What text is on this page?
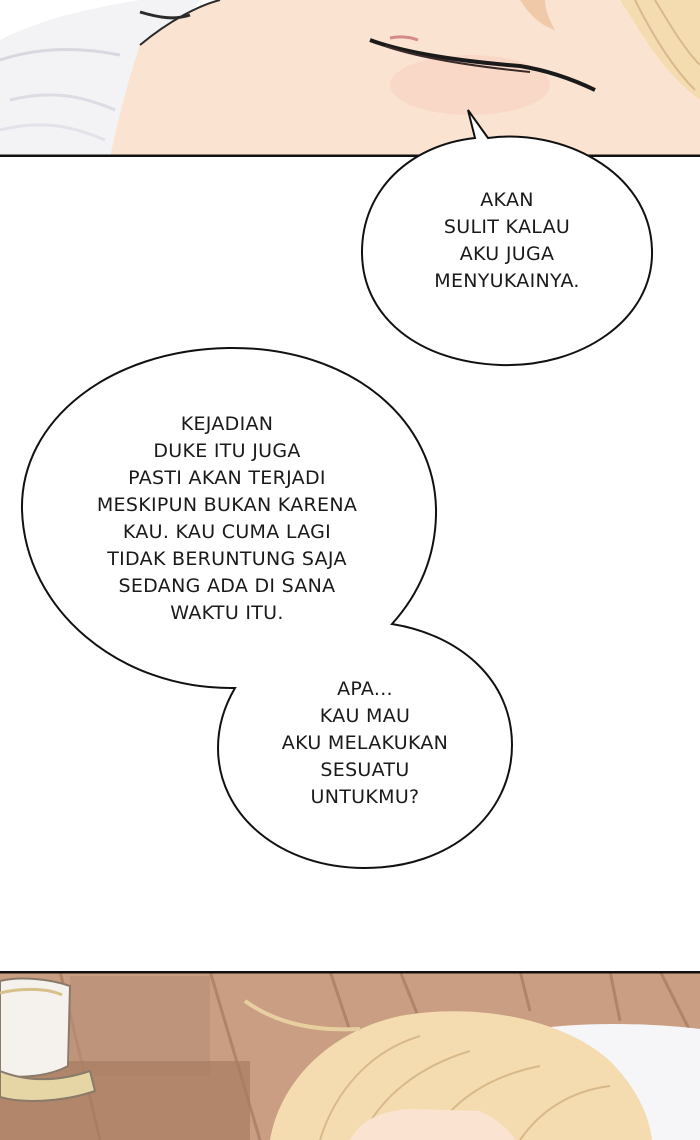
AKAN
SULIT KALAU
AKU JUGA
MENYUKAINYA.
KEJADIAN
DUKE ITU JUGA
PASTI AKAN TERJADI
MESKIPUN BUKAN KARENA
KAU. KAU CUMA LAGI
TIDAK BERUNTUNG SAJA
SEDANG ADA DI SANA
WAKTU ITU.
APA...
KAU MAU
AKU MELAKUKAN
SESUATU
UNTUKMU?
